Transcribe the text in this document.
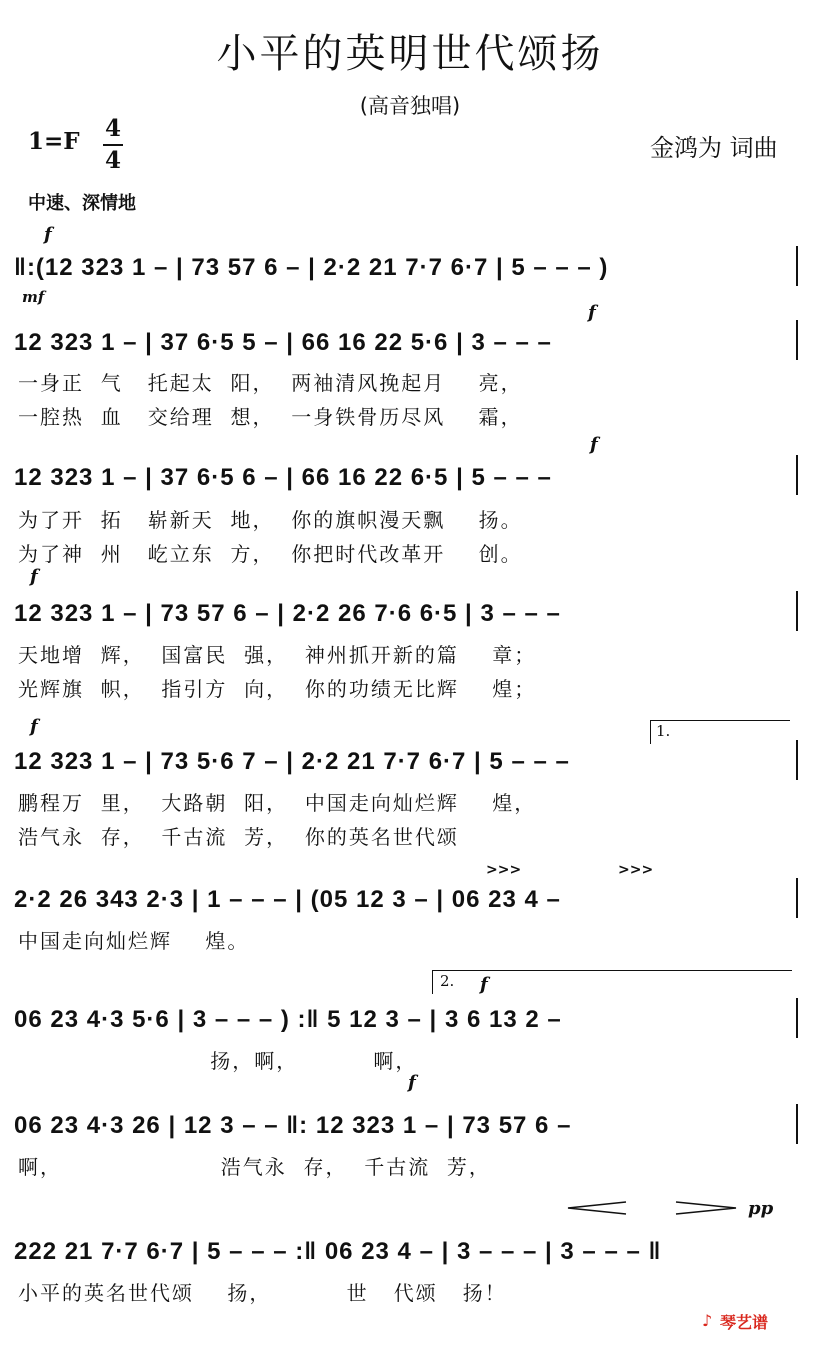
小平的英明世代颂扬
(高音独唱)
1=F 4
4	金鸿为 词曲
中速、深情地
f
mf
f
f
f
f
f
f
pp
‖:(12 323 1 – | 73 57 6 – | 2·2 21 7·7 6·7 | 5 – – – )
12 323 1 – | 37 6·5 5 – | 66 16 22 5·6 | 3 – – –
一身正  气   托起太  阳，  两袖清风挽起月    亮，
一腔热  血   交给理  想，  一身铁骨历尽风    霜，
12 323 1 – | 37 6·5 6 – | 66 16 22 6·5 | 5 – – –
为了开  拓   崭新天  地，  你的旗帜漫天飘    扬。
为了神  州   屹立东  方，  你把时代改革开    创。
12 323 1 – | 73 57 6 – | 2·2 26 7·6 6·5 | 3 – – –
天地增  辉，  国富民  强，  神州抓开新的篇    章；
光辉旗  帜，  指引方  向，  你的功绩无比辉    煌；
1.
12 323 1 – | 73 5·6 7 – | 2·2 21 7·7 6·7 | 5 – – –
鹏程万  里，  大路朝  阳，  中国走向灿烂辉    煌，
浩气永  存，  千古流  芳，  你的英名世代颂
>>>	>>>
2·2 26 343 2·3 | 1 – – – | (05 12 3 – | 06 23 4 –
中国走向灿烂辉    煌。
2.
06 23 4·3 5·6 | 3 – – – ) :‖ 5 12 3 – | 3 6 13 2 –
扬，啊，         啊，
06 23 4·3 26 | 12 3 – – ‖: 12 323 1 – | 73 57 6 –
啊，                   浩气永  存，  千古流  芳，
222 21 7·7 6·7 | 5 – – – :‖ 06 23 4 – | 3 – – – | 3 – – – ‖
小平的英名世代颂    扬，         世   代颂   扬！
♪ 琴艺谱
